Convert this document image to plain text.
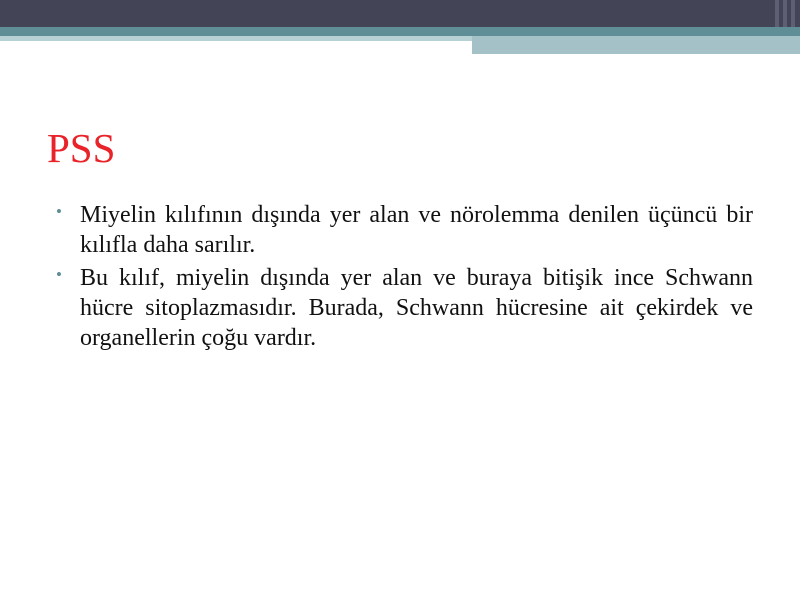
PSS
• Miyelin kılıfının dışında yer alan ve nörolemma denilen üçüncü bir kılıfla daha sarılır.
• Bu kılıf, miyelin dışında yer alan ve buraya bitişik ince Schwann hücre sitoplazmasıdır. Burada, Schwann hücresine ait çekirdek ve organellerin çoğu vardır.
